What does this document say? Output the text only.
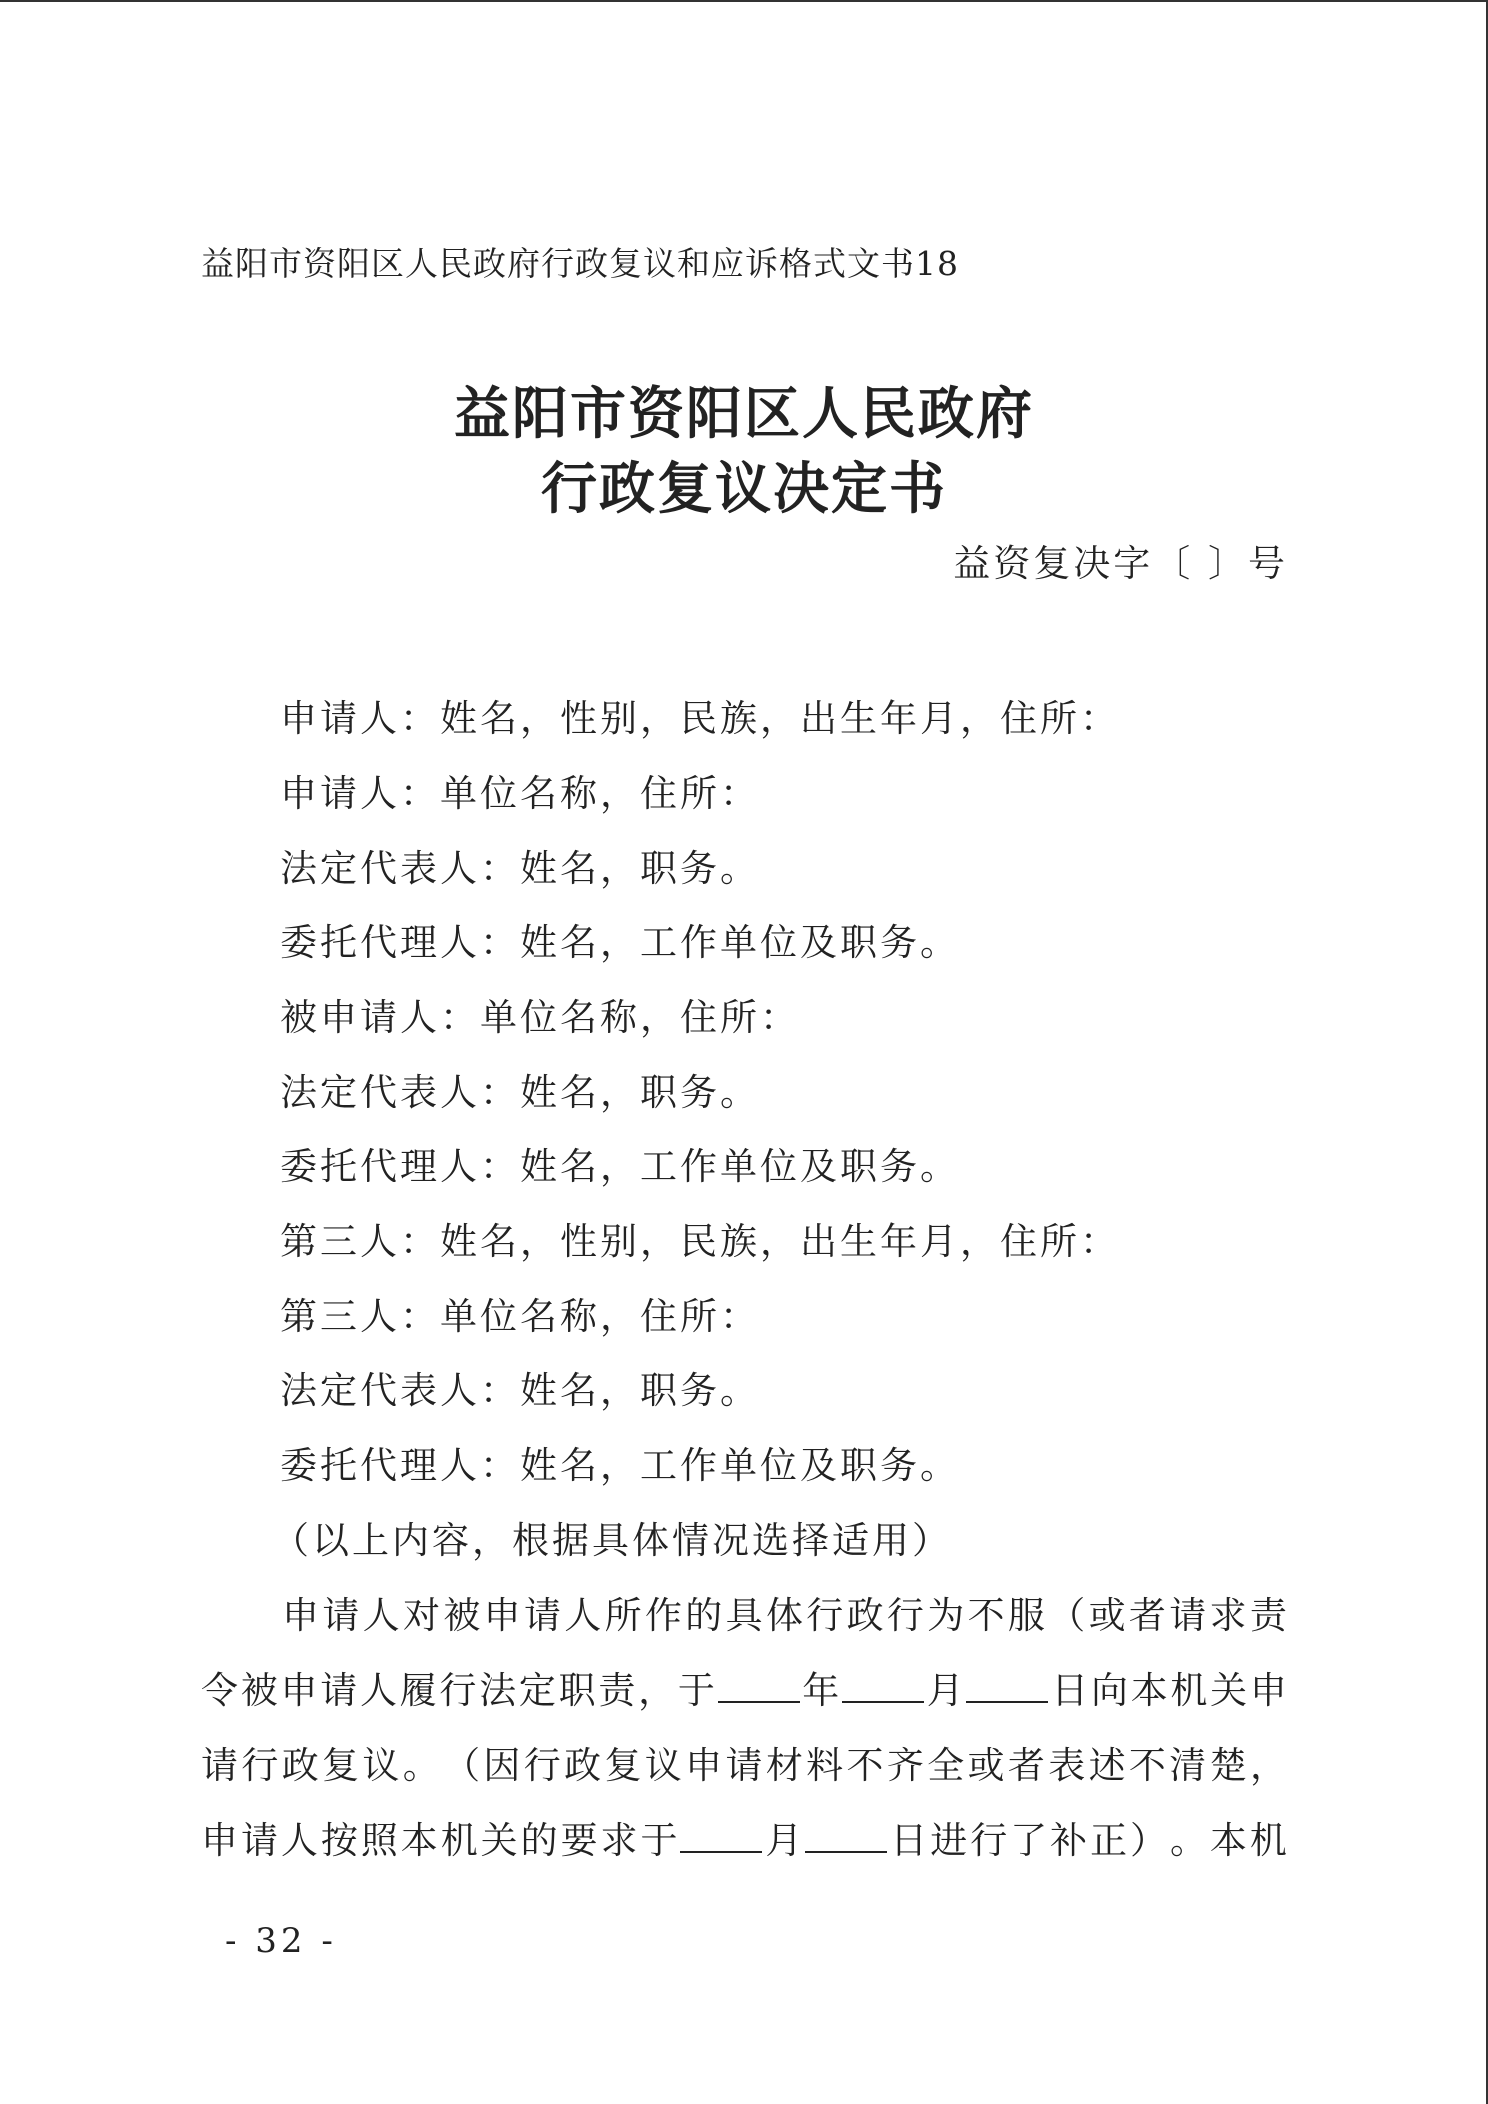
益阳市资阳区人民政府行政复议和应诉格式文书18
益阳市资阳区人民政府
行政复议决定书
益资复决字〔 〕号
申请人：姓名，性别，民族，出生年月，住所：
申请人：单位名称，住所：
法定代表人：姓名，职务。
委托代理人：姓名，工作单位及职务。
被申请人：单位名称，住所：
法定代表人：姓名，职务。
委托代理人：姓名，工作单位及职务。
第三人：姓名，性别，民族，出生年月，住所：
第三人：单位名称，住所：
法定代表人：姓名，职务。
委托代理人：姓名，工作单位及职务。
（以上内容，根据具体情况选择适用）
申 请 人 对 被 申 请 人 所 作 的 具 体 行 政 行 为 不 服 （ 或 者 请 求 责
令 被 申 请 人 履 行 法 定 职 责 ， 于 年 月 日 向 本 机 关 申
请 行 政 复 议 。 （ 因 行 政 复 议 申 请 材 料 不 齐 全 或 者 表 述 不 清 楚 ，
申 请 人 按 照 本 机 关 的 要 求 于 月 日 进 行 了 补 正 ） 。 本 机
- 32 -
